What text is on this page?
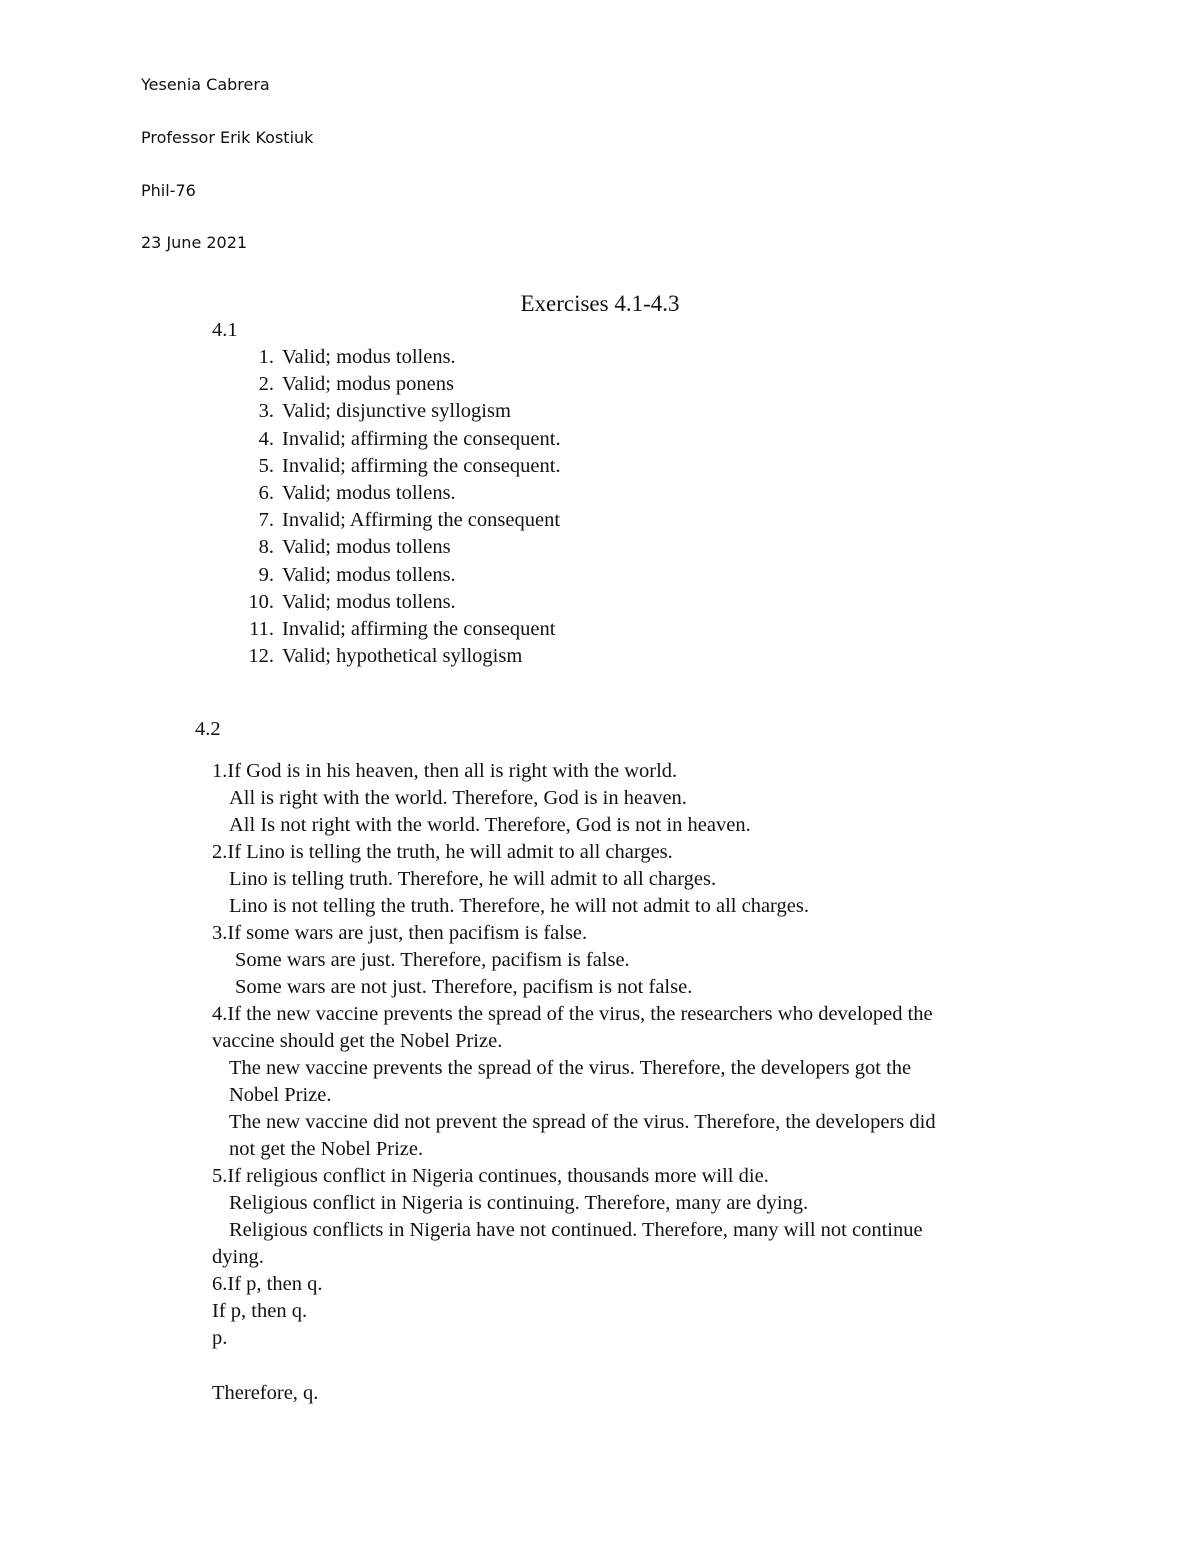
Yesenia Cabrera

Professor Erik Kostiuk

Phil-76

23 June 2021

Exercises 4.1-4.3
4.1
1. Valid; modus tollens.
2. Valid; modus ponens
3. Valid; disjunctive syllogism
4. Invalid; affirming the consequent.
5. Invalid; affirming the consequent.
6. Valid; modus tollens.
7. Invalid; Affirming the consequent
8. Valid; modus tollens
9. Valid; modus tollens.
10. Valid; modus tollens.
11. Invalid; affirming the consequent
12. Valid; hypothetical syllogism
4.2
1.If God is in his heaven, then all is right with the world.
All is right with the world. Therefore, God is in heaven.
All Is not right with the world. Therefore, God is not in heaven.
2.If Lino is telling the truth, he will admit to all charges.
Lino is telling truth. Therefore, he will admit to all charges.
Lino is not telling the truth. Therefore, he will not admit to all charges.
3.If some wars are just, then pacifism is false.
Some wars are just. Therefore, pacifism is false.
Some wars are not just. Therefore, pacifism is not false.
4.If the new vaccine prevents the spread of the virus, the researchers who developed the
vaccine should get the Nobel Prize.
The new vaccine prevents the spread of the virus. Therefore, the developers got the
Nobel Prize.
The new vaccine did not prevent the spread of the virus. Therefore, the developers did
not get the Nobel Prize.
5.If religious conflict in Nigeria continues, thousands more will die.
Religious conflict in Nigeria is continuing. Therefore, many are dying.
Religious conflicts in Nigeria have not continued. Therefore, many will not continue
dying.
6.If p, then q.
If p, then q.
p.
Therefore, q.
